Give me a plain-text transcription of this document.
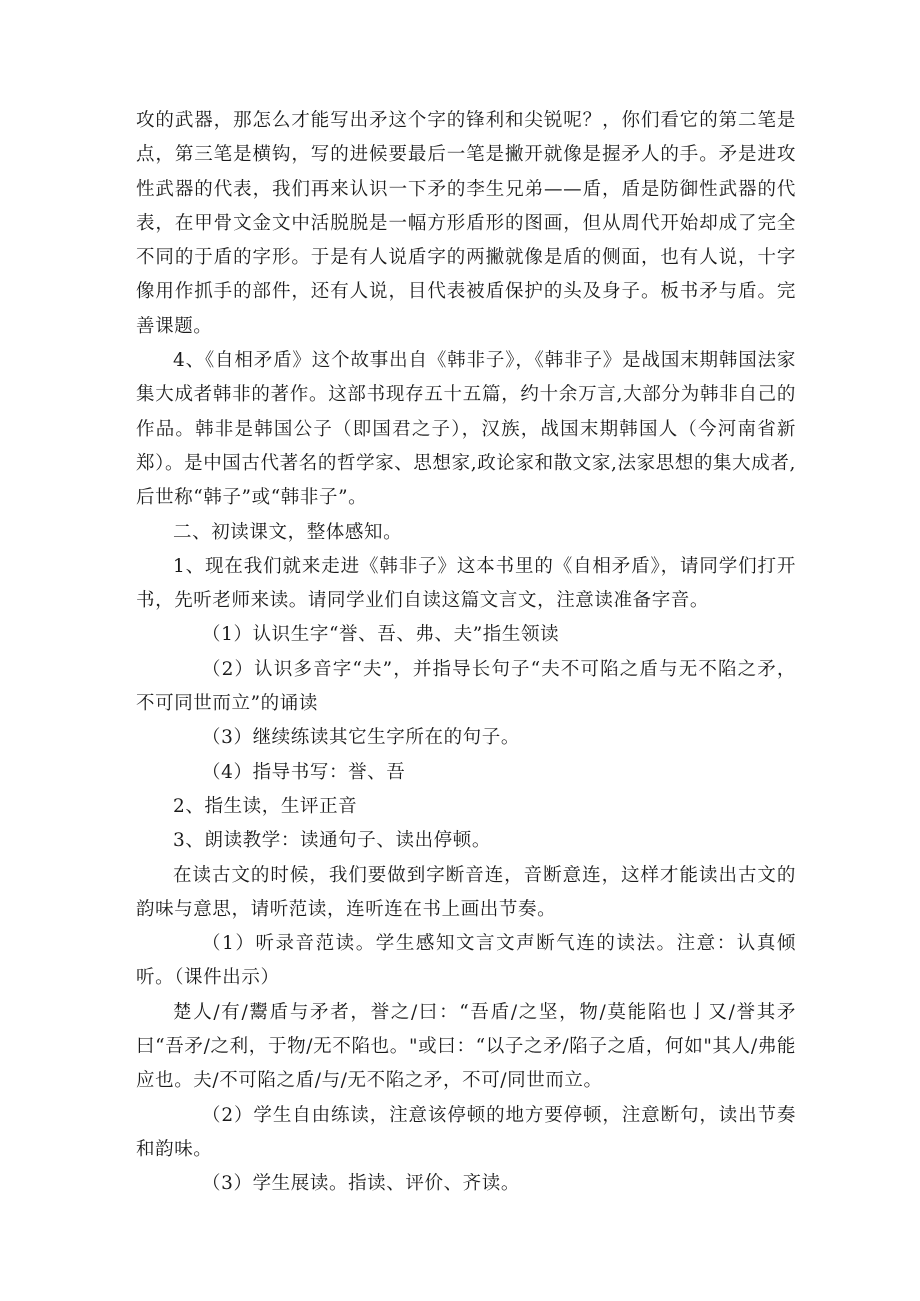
攻的武器，那怎么才能写出矛这个字的锋利和尖锐呢？，你们看它的第二笔是点，第三笔是横钩，写的进候要最后一笔是撇开就像是握矛人的手。矛是进攻性武器的代表，我们再来认识一下矛的李生兄弟——盾，盾是防御性武器的代表，在甲骨文金文中活脱脱是一幅方形盾形的图画，但从周代开始却成了完全不同的于盾的字形。于是有人说盾字的两撇就像是盾的侧面，也有人说，十字像用作抓手的部件，还有人说，目代表被盾保护的头及身子。板书矛与盾。完善课题。

4、《自相矛盾》这个故事出自《韩非子》，《韩非子》是战国末期韩国法家集大成者韩非的著作。这部书现存五十五篇，约十余万言,大部分为韩非自己的作品。韩非是韩国公子（即国君之子），汉族，战国末期韩国人（今河南省新郑）。是中国古代著名的哲学家、思想家,政论家和散文家,法家思想的集大成者,后世称“韩子”或“韩非子”。

二、初读课文，整体感知。

1、现在我们就来走进《韩非子》这本书里的《自相矛盾》，请同学们打开书，先听老师来读。请同学业们自读这篇文言文，注意读准备字音。

（1）认识生字“誉、吾、弗、夫”指生领读

（2）认识多音字“夫”，并指导长句子“夫不可陷之盾与无不陷之矛，不可同世而立”的诵读

（3）继续练读其它生字所在的句子。

（4）指导书写：誉、吾

2、指生读，生评正音

3、朗读教学：读通句子、读出停顿。

在读古文的时候，我们要做到字断音连，音断意连，这样才能读出古文的韵味与意思，请听范读，连听连在书上画出节奏。

（1）听录音范读。学生感知文言文声断气连的读法。注意：认真倾听。（课件出示）

楚人/有/鬻盾与矛者，誉之/曰：“吾盾/之坚，物/莫能陷也亅又/誉其矛曰“吾矛/之利，于物/无不陷也。"或曰：“以子之矛/陷子之盾，何如"其人/弗能应也。夫/不可陷之盾/与/无不陷之矛，不可/同世而立。

（2）学生自由练读，注意该停顿的地方要停顿，注意断句，读出节奏和韵味。

（3）学生展读。指读、评价、齐读。
